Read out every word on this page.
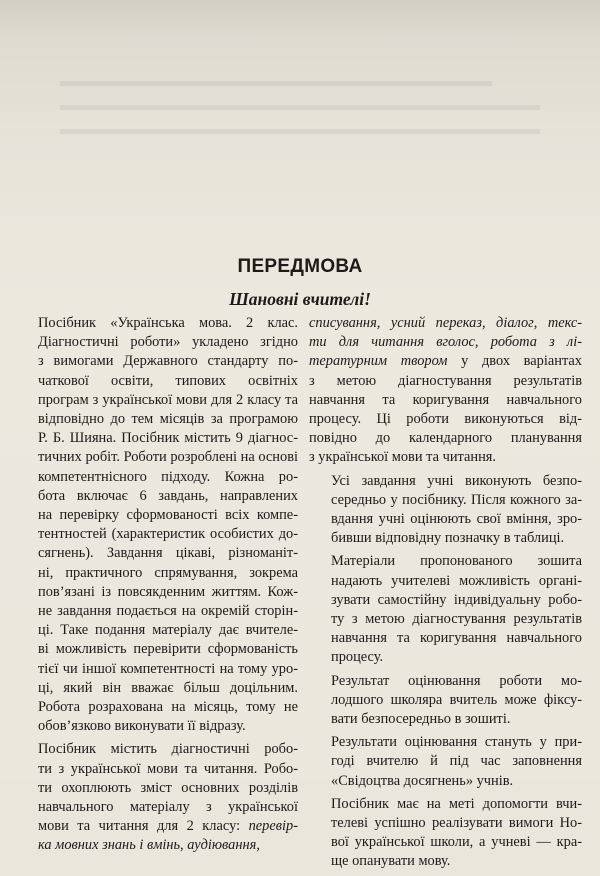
▬▬▬▬▬▬▬▬▬▬▬▬▬▬▬▬▬▬▬▬▬▬▬▬▬▬▬
▬▬▬▬▬▬▬▬▬▬▬▬▬▬▬▬▬▬▬▬▬▬▬▬▬▬▬▬▬▬
▬▬▬▬▬▬▬▬▬▬▬▬▬▬▬▬▬▬▬▬▬▬▬▬▬▬▬▬▬▬
ПЕРЕДМОВА
Шановні вчителі!
Посібник «Українська мова. 2 клас.
Діагностичні роботи» укладено згідно
з вимогами Державного стандарту по-
чаткової освіти, типових освітніх
програм з української мови для 2 класу та
відповідно до тем місяців за програмою
Р. Б. Шияна. Посібник містить 9 діагнос-
тичних робіт. Роботи розроблені на основі
компетентнісного підходу. Кожна ро-
бота включає 6 завдань, направлених
на перевірку сформованості всіх компе-
тентностей (характеристик особистих до-
сягнень). Завдання цікаві, різноманіт-
ні, практичного спрямування, зокрема
пов’язані із повсякденним життям. Кож-
не завдання подається на окремій сторін-
ці. Таке подання матеріалу дає вчителе-
ві можливість перевірити сформованість
тієї чи іншої компетентності на тому уро-
ці, який він вважає більш доцільним.
Робота розрахована на місяць, тому не
обов’язково виконувати її відразу.
Посібник містить діагностичні робо-
ти з української мови та читання. Робо-
ти охоплюють зміст основних розділів
навчального матеріалу з української
мови та читання для 2 класу: перевір-
ка мовних знань і вмінь, аудіювання,
списування, усний переказ, діалог, текс-
ти для читання вголос, робота з лі-
тературним твором у двох варіантах
з метою діагностування результатів
навчання та коригування навчального
процесу. Ці роботи виконуються від-
повідно до календарного планування
з української мови та читання.
Усі завдання учні виконують безпо-
середньо у посібнику. Після кожного за-
вдання учні оцінюють свої вміння, зро-
бивши відповідну позначку в таблиці.
Матеріали пропонованого зошита
надають учителеві можливість органі-
зувати самостійну індивідуальну робо-
ту з метою діагностування результатів
навчання та коригування навчального
процесу.
Результат оцінювання роботи мо-
лодшого школяра вчитель може фіксу-
вати безпосередньо в зошиті.
Результати оцінювання стануть у при-
годі вчителю й під час заповнення
«Свідоцтва досягнень» учнів.
Посібник має на меті допомогти вчи-
телеві успішно реалізувати вимоги Но-
вої української школи, а учневі — кра-
ще опанувати мову.
